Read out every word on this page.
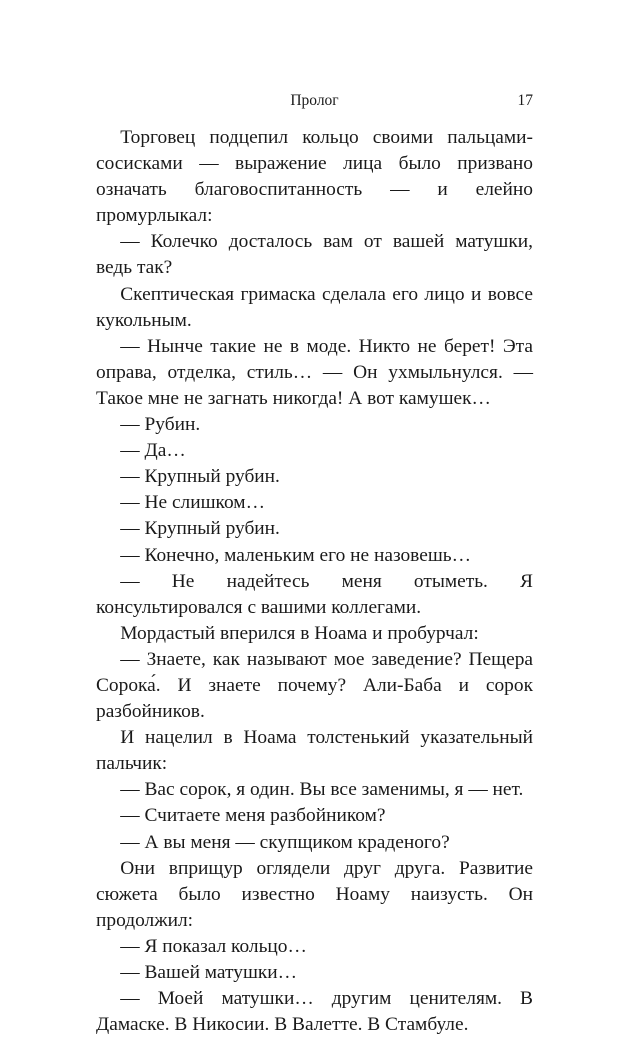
Пролог	17

Торговец подцепил кольцо своими пальцами-сосисками — выражение лица было призвано означать благовоспитанность — и елейно промурлыкал:

— Колечко досталось вам от вашей матушки, ведь так?

Скептическая гримаска сделала его лицо и вовсе кукольным.

— Нынче такие не в моде. Никто не берет! Эта оправа, отделка, стиль… — Он ухмыльнулся. — Такое мне не загнать никогда! А вот камушек…

— Рубин.

— Да…

— Крупный рубин.

— Не слишком…

— Крупный рубин.

— Конечно, маленьким его не назовешь…

— Не надейтесь меня отыметь. Я консультировался с вашими коллегами.

Мордастый вперился в Ноама и пробурчал:

— Знаете, как называют мое заведение? Пещера Сорока́. И знаете почему? Али-Баба и сорок разбойников.

И нацелил в Ноама толстенький указательный пальчик:

— Вас сорок, я один. Вы все заменимы, я — нет.

— Считаете меня разбойником?

— А вы меня — скупщиком краденого?

Они вприщур оглядели друг друга. Развитие сюжета было известно Ноаму наизусть. Он продолжил:

— Я показал кольцо…

— Вашей матушки…

— Моей матушки… другим ценителям. В Дамаске. В Никосии. В Валетте. В Стамбуле.
